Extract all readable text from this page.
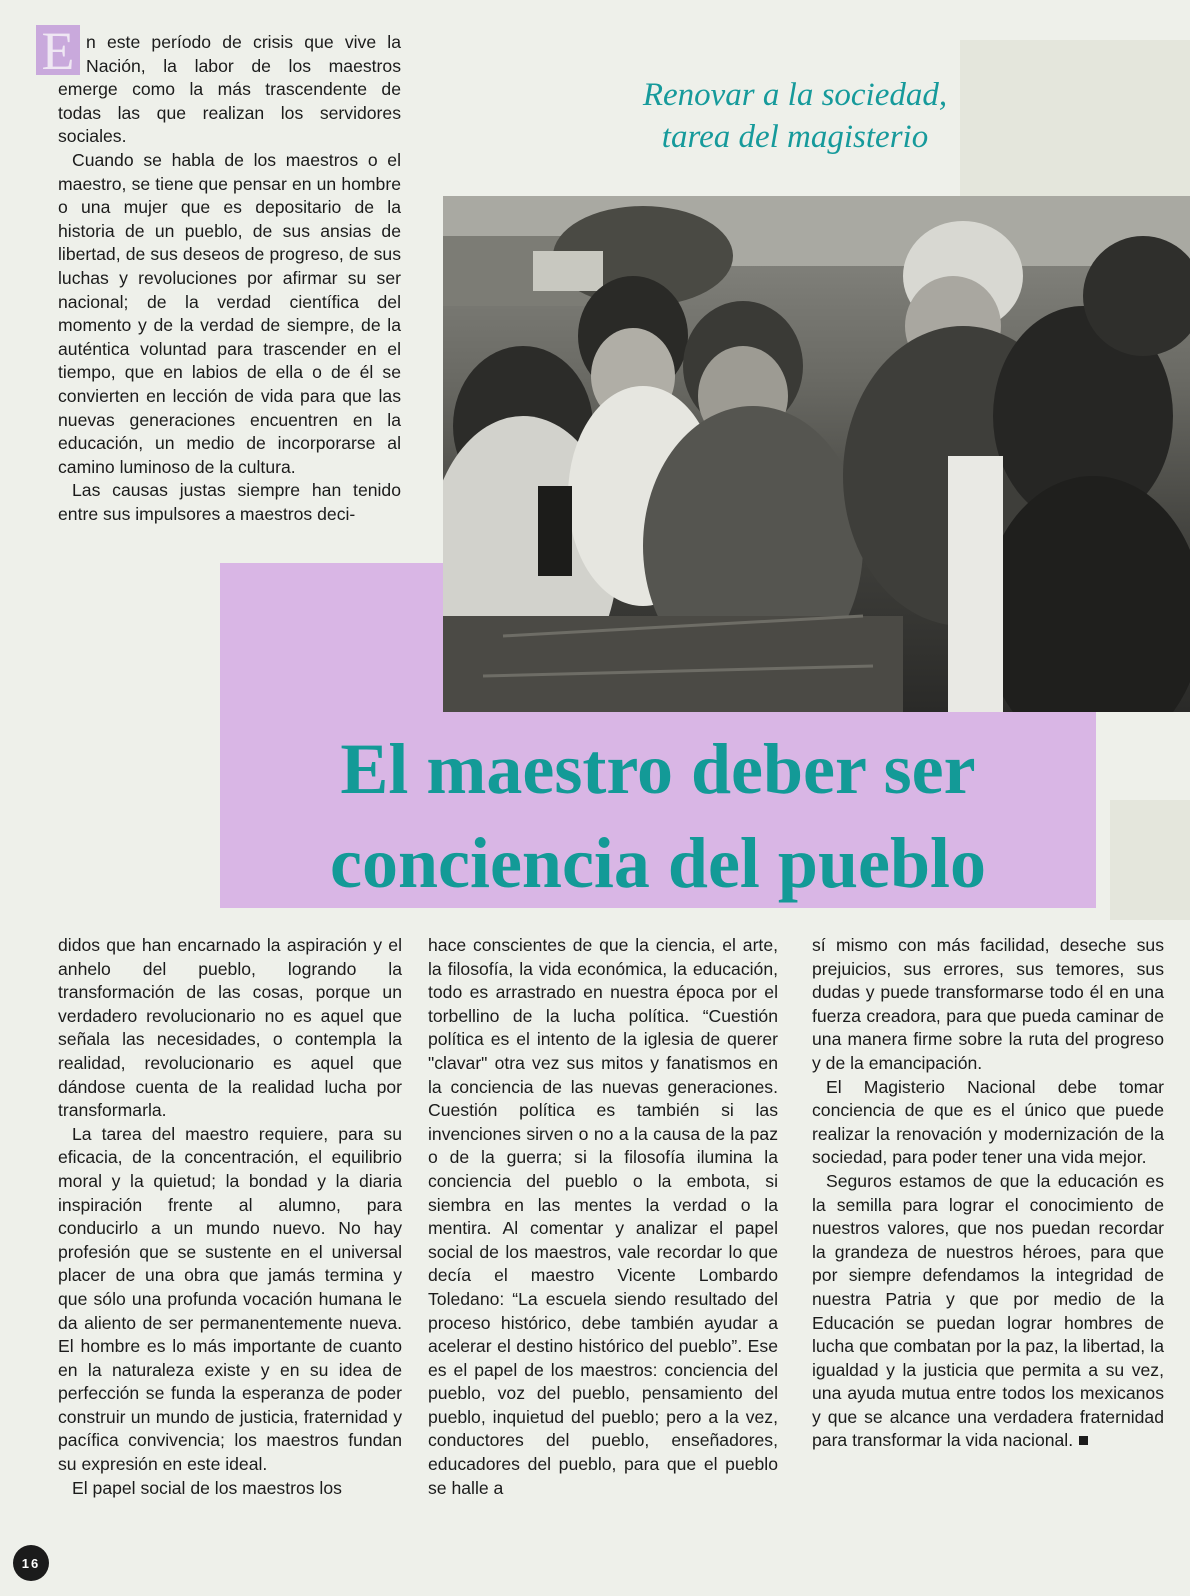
E n este período de crisis que vive la Nación, la labor de los maestros emerge como la más trascendente de todas las que realizan los servidores sociales.

Cuando se habla de los maestros o el maestro, se tiene que pensar en un hombre o una mujer que es depositario de la historia de un pueblo, de sus ansias de libertad, de sus deseos de progreso, de sus luchas y revoluciones por afirmar su ser nacional; de la verdad científica del momento y de la verdad de siempre, de la auténtica voluntad para trascender en el tiempo, que en labios de ella o de él se convierten en lección de vida para que las nuevas generaciones encuentren en la educación, un medio de incorporarse al camino luminoso de la cultura.

Las causas justas siempre han tenido entre sus impulsores a maestros deci-

Renovar a la sociedad,
tarea del magisterio
El maestro deber ser
conciencia del pueblo

didos que han encarnado la aspiración y el anhelo del pueblo, logrando la transformación de las cosas, porque un verdadero revolucionario no es aquel que señala las necesidades, o contempla la realidad, revolucionario es aquel que dándose cuenta de la realidad lucha por transformarla.

La tarea del maestro requiere, para su eficacia, de la concentración, el equilibrio moral y la quietud; la bondad y la diaria inspiración frente al alumno, para conducirlo a un mundo nuevo. No hay profesión que se sustente en el universal placer de una obra que jamás termina y que sólo una profunda vocación humana le da aliento de ser permanentemente nueva. El hombre es lo más importante de cuanto en la naturaleza existe y en su idea de perfección se funda la esperanza de poder construir un mundo de justicia, fraternidad y pacífica convivencia; los maestros fundan su expresión en este ideal.

El papel social de los maestros los

hace conscientes de que la ciencia, el arte, la filosofía, la vida económica, la educación, todo es arrastrado en nuestra época por el torbellino de la lucha política. “Cuestión política es el intento de la iglesia de querer "clavar" otra vez sus mitos y fanatismos en la conciencia de las nuevas generaciones. Cuestión política es también si las invenciones sirven o no a la causa de la paz o de la guerra; si la filosofía ilumina la conciencia del pueblo o la embota, si siembra en las mentes la verdad o la mentira. Al comentar y analizar el papel social de los maestros, vale recordar lo que decía el maestro Vicente Lombardo Toledano: “La escuela siendo resultado del proceso histórico, debe también ayudar a acelerar el destino histórico del pueblo”. Ese es el papel de los maestros: conciencia del pueblo, voz del pueblo, pensamiento del pueblo, inquietud del pueblo; pero a la vez, conductores del pueblo, enseñadores, educadores del pueblo, para que el pueblo se halle a

sí mismo con más facilidad, deseche sus prejuicios, sus errores, sus temores, sus dudas y puede transformarse todo él en una fuerza creadora, para que pueda caminar de una manera firme sobre la ruta del progreso y de la emancipación.

El Magisterio Nacional debe tomar conciencia de que es el único que puede realizar la renovación y modernización de la sociedad, para poder tener una vida mejor.

Seguros estamos de que la educación es la semilla para lograr el conocimiento de nuestros valores, que nos puedan recordar la grandeza de nuestros héroes, para que por siempre defendamos la integridad de nuestra Patria y que por medio de la Educación se puedan lograr hombres de lucha que combatan por la paz, la libertad, la igualdad y la justicia que permita a su vez, una ayuda mutua entre todos los mexicanos y que se alcance una verdadera fraternidad para transformar la vida nacional.

16
